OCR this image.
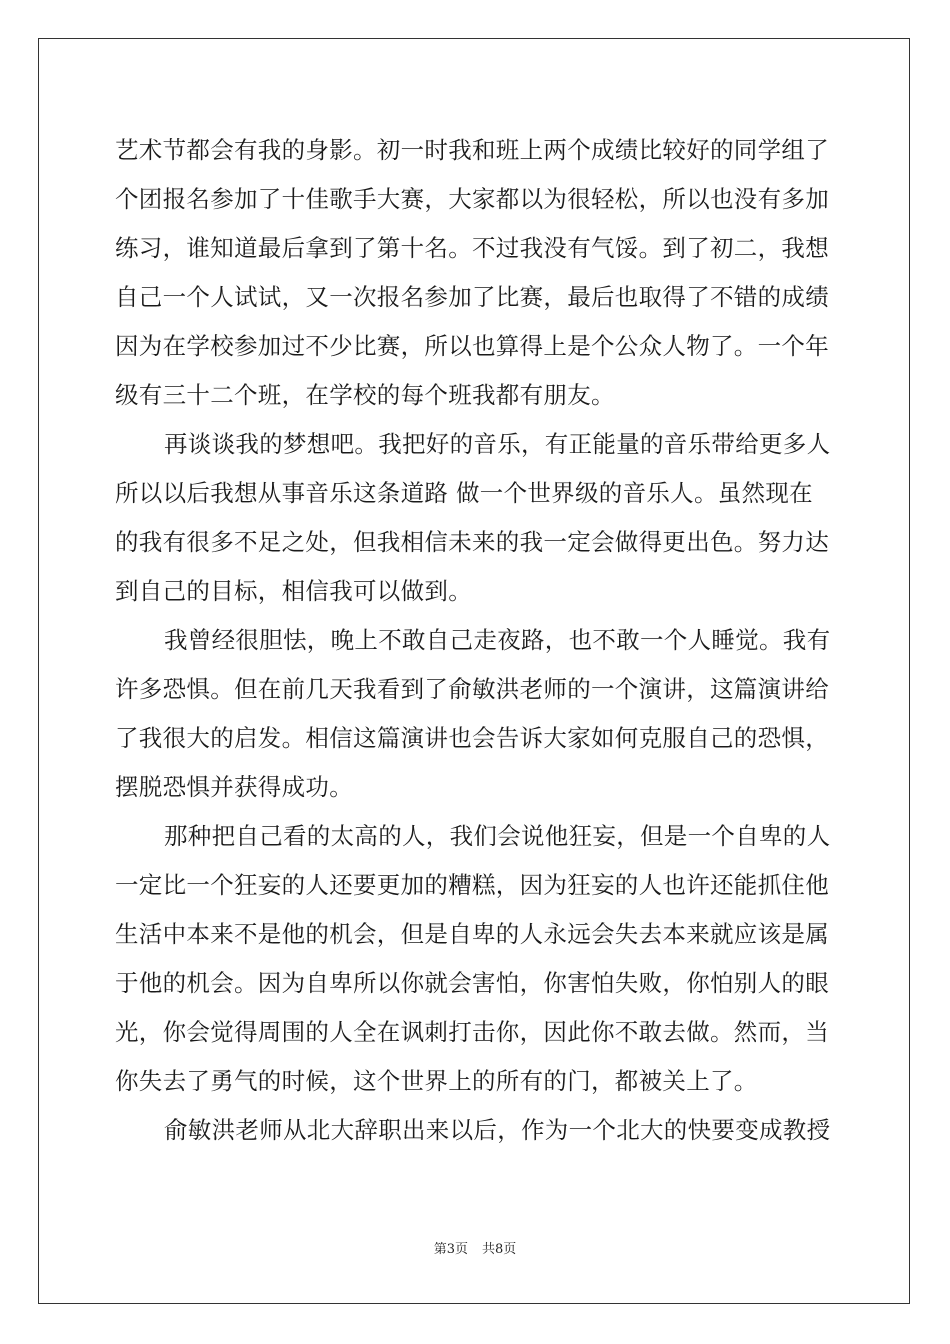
艺术节都会有我的身影。初一时我和班上两个成绩比较好的同学组了
个团报名参加了十佳歌手大赛，大家都以为很轻松，所以也没有多加
练习，谁知道最后拿到了第十名。不过我没有气馁。到了初二，我想
自己一个人试试，又一次报名参加了比赛，最后也取得了不错的成绩
因为在学校参加过不少比赛，所以也算得上是个公众人物了。一个年
级有三十二个班，在学校的每个班我都有朋友。
再谈谈我的梦想吧。我把好的音乐，有正能量的音乐带给更多人
所以以后我想从事音乐这条道路 做一个世界级的音乐人。虽然现在
的我有很多不足之处，但我相信未来的我一定会做得更出色。努力达
到自己的目标，相信我可以做到。
我曾经很胆怯，晚上不敢自己走夜路，也不敢一个人睡觉。我有
许多恐惧。但在前几天我看到了俞敏洪老师的一个演讲，这篇演讲给
了我很大的启发。相信这篇演讲也会告诉大家如何克服自己的恐惧，
摆脱恐惧并获得成功。
那种把自己看的太高的人，我们会说他狂妄，但是一个自卑的人
一定比一个狂妄的人还要更加的糟糕，因为狂妄的人也许还能抓住他
生活中本来不是他的机会，但是自卑的人永远会失去本来就应该是属
于他的机会。因为自卑所以你就会害怕，你害怕失败，你怕别人的眼
光，你会觉得周围的人全在讽刺打击你，因此你不敢去做。然而，当
你失去了勇气的时候，这个世界上的所有的门，都被关上了。
俞敏洪老师从北大辞职出来以后，作为一个北大的快要变成教授
第3页 共8页
